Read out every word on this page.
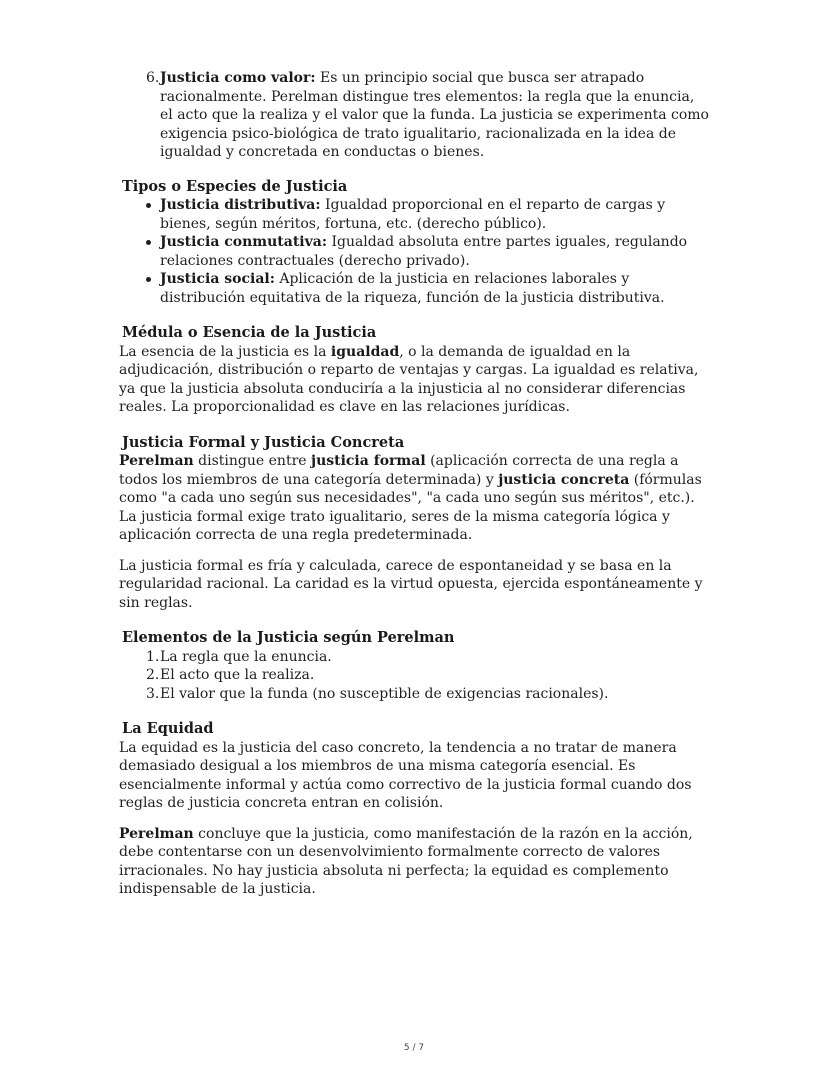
6. Justicia como valor: Es un principio social que busca ser atrapado racionalmente. Perelman distingue tres elementos: la regla que la enuncia, el acto que la realiza y el valor que la funda. La justicia se experimenta como exigencia psico-biológica de trato igualitario, racionalizada en la idea de igualdad y concretada en conductas o bienes.
Tipos o Especies de Justicia
Justicia distributiva: Igualdad proporcional en el reparto de cargas y bienes, según méritos, fortuna, etc. (derecho público).
Justicia conmutativa: Igualdad absoluta entre partes iguales, regulando relaciones contractuales (derecho privado).
Justicia social: Aplicación de la justicia en relaciones laborales y distribución equitativa de la riqueza, función de la justicia distributiva.
Médula o Esencia de la Justicia

La esencia de la justicia es la igualdad, o la demanda de igualdad en la adjudicación, distribución o reparto de ventajas y cargas. La igualdad es relativa, ya que la justicia absoluta conduciría a la injusticia al no considerar diferencias reales. La proporcionalidad es clave en las relaciones jurídicas.

Justicia Formal y Justicia Concreta

Perelman distingue entre justicia formal (aplicación correcta de una regla a todos los miembros de una categoría determinada) y justicia concreta (fórmulas como "a cada uno según sus necesidades", "a cada uno según sus méritos", etc.). La justicia formal exige trato igualitario, seres de la misma categoría lógica y aplicación correcta de una regla predeterminada.

La justicia formal es fría y calculada, carece de espontaneidad y se basa en la regularidad racional. La caridad es la virtud opuesta, ejercida espontáneamente y sin reglas.

Elementos de la Justicia según Perelman
1. La regla que la enuncia.
2. El acto que la realiza.
3. El valor que la funda (no susceptible de exigencias racionales).
La Equidad

La equidad es la justicia del caso concreto, la tendencia a no tratar de manera demasiado desigual a los miembros de una misma categoría esencial. Es esencialmente informal y actúa como correctivo de la justicia formal cuando dos reglas de justicia concreta entran en colisión.

Perelman concluye que la justicia, como manifestación de la razón en la acción, debe contentarse con un desenvolvimiento formalmente correcto de valores irracionales. No hay justicia absoluta ni perfecta; la equidad es complemento indispensable de la justicia.

5 / 7
